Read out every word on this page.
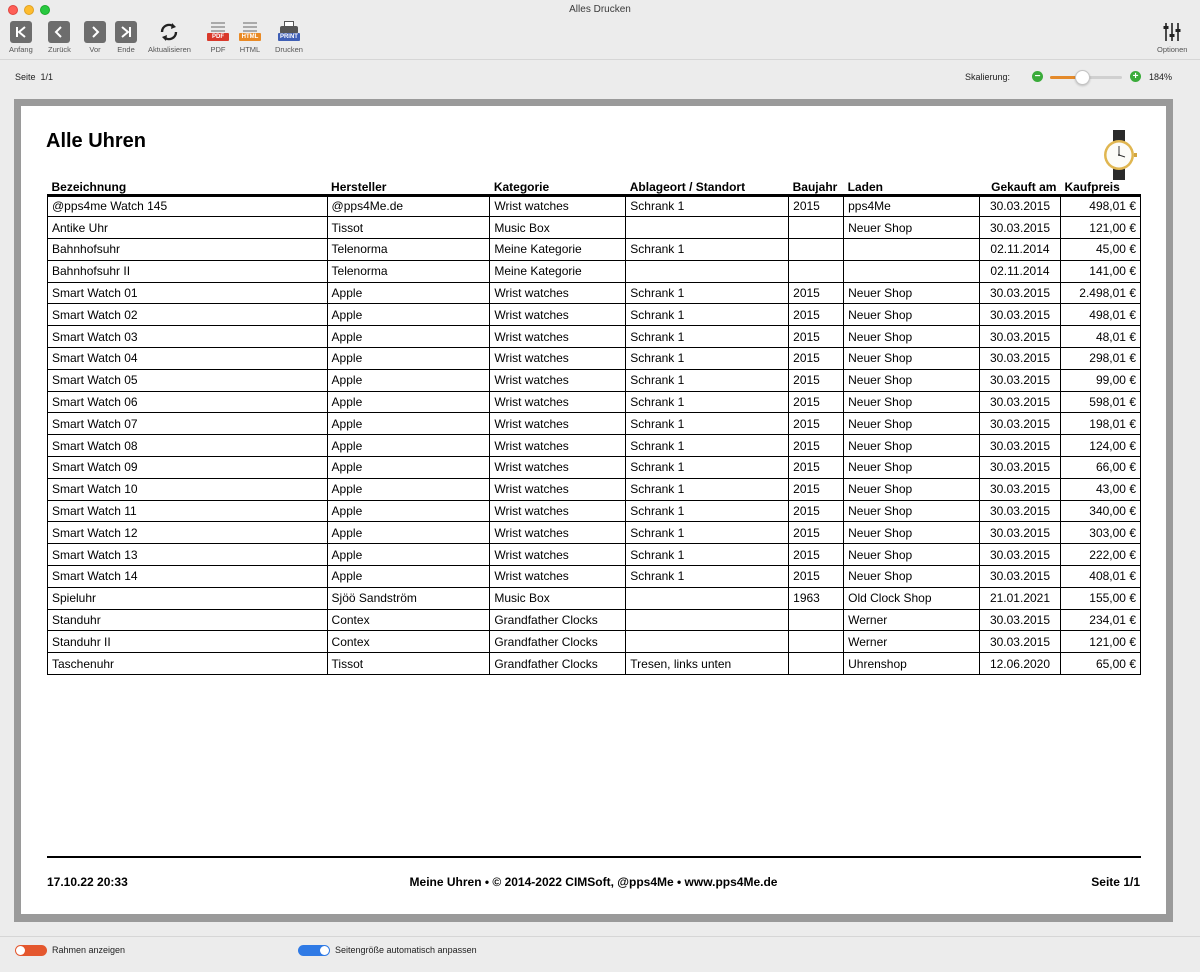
Alles Drucken
Anfang Zurück Vor Ende Aktualisieren
PDF
PDF
HTML
HTML
PRINT
Drucken	Optionen
Seite 1/1	Skalierung: −	+ 184%
Alle Uhren
Bezeichnung	Hersteller	Kategorie	Ablageort / Standort	Baujahr	Laden	Gekauft am	Kaufpreis
@pps4me Watch 145	@pps4Me.de	Wrist watches	Schrank 1	2015	pps4Me	30.03.2015	498,01 €
Antike Uhr	Tissot	Music Box			Neuer Shop	30.03.2015	121,00 €
Bahnhofsuhr	Telenorma	Meine Kategorie	Schrank 1			02.11.2014	45,00 €
Bahnhofsuhr II	Telenorma	Meine Kategorie				02.11.2014	141,00 €
Smart Watch 01	Apple	Wrist watches	Schrank 1	2015	Neuer Shop	30.03.2015	2.498,01 €
Smart Watch 02	Apple	Wrist watches	Schrank 1	2015	Neuer Shop	30.03.2015	498,01 €
Smart Watch 03	Apple	Wrist watches	Schrank 1	2015	Neuer Shop	30.03.2015	48,01 €
Smart Watch 04	Apple	Wrist watches	Schrank 1	2015	Neuer Shop	30.03.2015	298,01 €
Smart Watch 05	Apple	Wrist watches	Schrank 1	2015	Neuer Shop	30.03.2015	99,00 €
Smart Watch 06	Apple	Wrist watches	Schrank 1	2015	Neuer Shop	30.03.2015	598,01 €
Smart Watch 07	Apple	Wrist watches	Schrank 1	2015	Neuer Shop	30.03.2015	198,01 €
Smart Watch 08	Apple	Wrist watches	Schrank 1	2015	Neuer Shop	30.03.2015	124,00 €
Smart Watch 09	Apple	Wrist watches	Schrank 1	2015	Neuer Shop	30.03.2015	66,00 €
Smart Watch 10	Apple	Wrist watches	Schrank 1	2015	Neuer Shop	30.03.2015	43,00 €
Smart Watch 11	Apple	Wrist watches	Schrank 1	2015	Neuer Shop	30.03.2015	340,00 €
Smart Watch 12	Apple	Wrist watches	Schrank 1	2015	Neuer Shop	30.03.2015	303,00 €
Smart Watch 13	Apple	Wrist watches	Schrank 1	2015	Neuer Shop	30.03.2015	222,00 €
Smart Watch 14	Apple	Wrist watches	Schrank 1	2015	Neuer Shop	30.03.2015	408,01 €
Spieluhr	Sjöö Sandström	Music Box		1963	Old Clock Shop	21.01.2021	155,00 €
Standuhr	Contex	Grandfather Clocks			Werner	30.03.2015	234,01 €
Standuhr II	Contex	Grandfather Clocks			Werner	30.03.2015	121,00 €
Taschenuhr	Tissot	Grandfather Clocks	Tresen, links unten		Uhrenshop	12.06.2020	65,00 €
17.10.22 20:33	Meine Uhren • © 2014-2022 CIMSoft, @pps4Me • www.pps4Me.de	Seite 1/1
Rahmen anzeigen	Seitengröße automatisch anpassen
